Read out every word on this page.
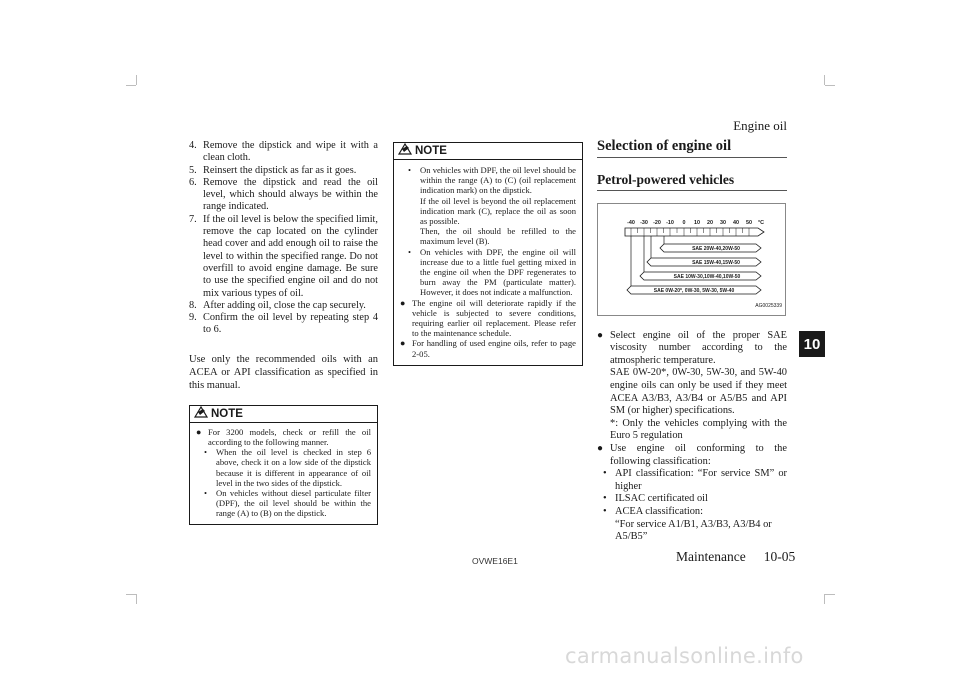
Engine oil
10
4. Remove the dipstick and wipe it with a clean cloth.
5. Reinsert the dipstick as far as it goes.
6. Remove the dipstick and read the oil level, which should always be within the range indicated.
7. If the oil level is below the specified limit, remove the cap located on the cylinder head cover and add enough oil to raise the level to within the specified range. Do not overfill to avoid engine damage. Be sure to use the specified engine oil and do not mix various types of oil.
8. After adding oil, close the cap securely.
9. Confirm the oil level by repeating step 4 to 6.

Use only the recommended oils with an ACEA or API classification as specified in this manual.

NOTE
● For 3200 models, check or refill the oil according to the following manner.
• When the oil level is checked in step 6 above, check it on a low side of the dipstick because it is different in appearance of oil level in the two sides of the dipstick.
• On vehicles without diesel particulate filter (DPF), the oil level should be within the range (A) to (B) on the dipstick.
NOTE
• On vehicles with DPF, the oil level should be within the range (A) to (C) (oil replacement indication mark) on the dipstick.
If the oil level is beyond the oil replacement indication mark (C), replace the oil as soon as possible.
Then, the oil should be refilled to the maximum level (B).
• On vehicles with DPF, the engine oil will increase due to a little fuel getting mixed in the engine oil when the DPF regenerates to burn away the PM (particulate matter). However, it does not indicate a malfunction.
● The engine oil will deteriorate rapidly if the vehicle is subjected to severe conditions, requiring earlier oil replacement. Please refer to the maintenance schedule.
● For handling of used engine oils, refer to page 2-05.
Selection of engine oil
Petrol-powered vehicles
-40 -30 -20 -10 0 10 20 30 40 50 °C
SAE 20W-40,20W-50
SAE 15W-40,15W-50
SAE 10W-30,10W-40,10W-50
SAE 0W-20*, 0W-30, 5W-30, 5W-40
AG0025339
● Select engine oil of the proper SAE viscosity number according to the atmospheric temperature.
SAE 0W-20*, 0W-30, 5W-30, and 5W-40 engine oils can only be used if they meet ACEA A3/B3, A3/B4 or A5/B5 and API SM (or higher) specifications.
*: Only the vehicles complying with the Euro 5 regulation
● Use engine oil conforming to the following classification:
• API classification: “For service SM” or higher
• ILSAC certificated oil
• ACEA classification:
“For service A1/B1, A3/B3, A3/B4 or A5/B5”
OVWE16E1	Maintenance 10-05
carmanualsonline.info
